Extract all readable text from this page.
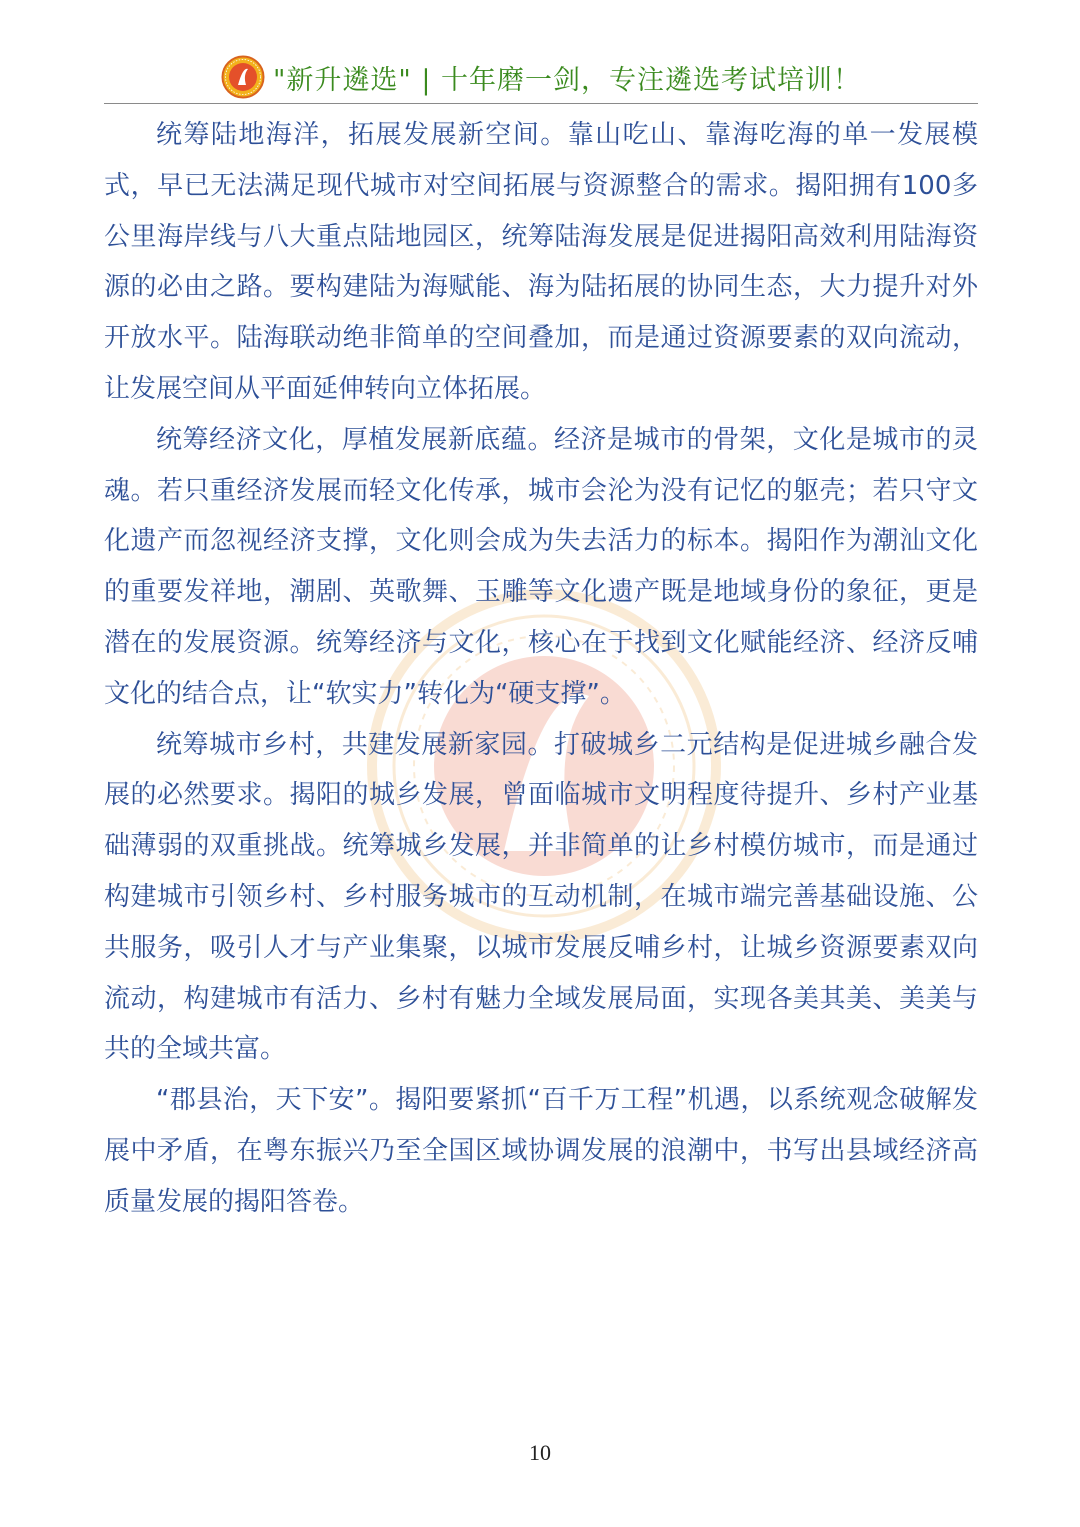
"新升遴选" | 十年磨一剑，专注遴选考试培训！

统筹陆地海洋，拓展发展新空间。靠山吃山、靠海吃海的单一发展模式，早已无法满足现代城市对空间拓展与资源整合的需求。揭阳拥有100多公里海岸线与八大重点陆地园区，统筹陆海发展是促进揭阳高效利用陆海资源的必由之路。要构建陆为海赋能、海为陆拓展的协同生态，大力提升对外开放水平。陆海联动绝非简单的空间叠加，而是通过资源要素的双向流动，让发展空间从平面延伸转向立体拓展。

统筹经济文化，厚植发展新底蕴。经济是城市的骨架，文化是城市的灵魂。若只重经济发展而轻文化传承，城市会沦为没有记忆的躯壳；若只守文化遗产而忽视经济支撑，文化则会成为失去活力的标本。揭阳作为潮汕文化的重要发祥地，潮剧、英歌舞、玉雕等文化遗产既是地域身份的象征，更是潜在的发展资源。统筹经济与文化，核心在于找到文化赋能经济、经济反哺文化的结合点，让“软实力”转化为“硬支撑”。

统筹城市乡村，共建发展新家园。打破城乡二元结构是促进城乡融合发展的必然要求。揭阳的城乡发展，曾面临城市文明程度待提升、乡村产业基础薄弱的双重挑战。统筹城乡发展，并非简单的让乡村模仿城市，而是通过构建城市引领乡村、乡村服务城市的互动机制，在城市端完善基础设施、公共服务，吸引人才与产业集聚，以城市发展反哺乡村，让城乡资源要素双向流动，构建城市有活力、乡村有魅力全域发展局面，实现各美其美、美美与共的全域共富。

“郡县治，天下安”。揭阳要紧抓“百千万工程”机遇，以系统观念破解发展中矛盾，在粤东振兴乃至全国区域协调发展的浪潮中，书写出县域经济高质量发展的揭阳答卷。

10
